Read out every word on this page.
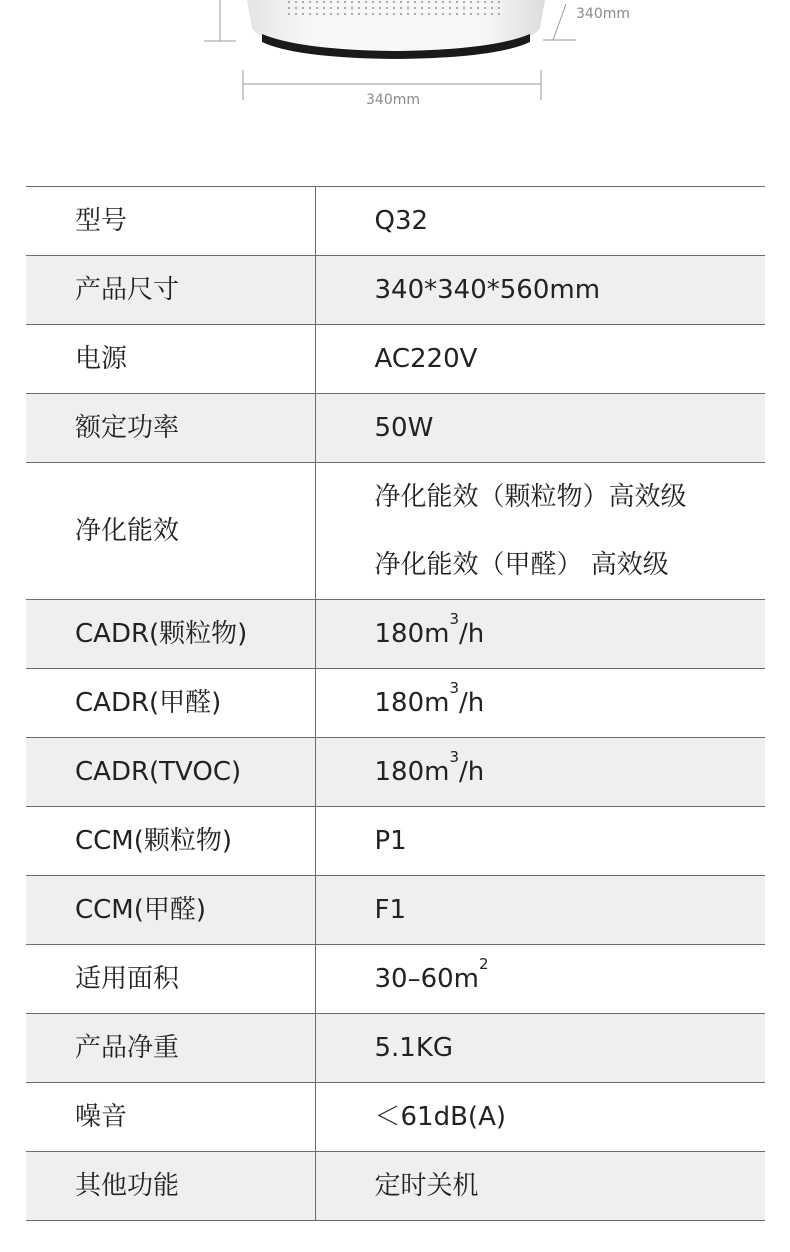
340mm
340mm
型号	Q32
产品尺寸	340*340*560mm
电源	AC220V
额定功率	50W
净化能效	净化能效（颗粒物）高效级
净化能效（甲醛） 高效级

CADR(颗粒物)	$180m^3/h$
CADR(甲醛)	$180m^3/h$
CADR(TVOC)	$180m^3/h$
CCM(颗粒物)	P1
CCM(甲醛)	F1
适用面积	$30-60m^2$
产品净重	5.1KG
噪音	＜61dB(A)
其他功能	定时关机
